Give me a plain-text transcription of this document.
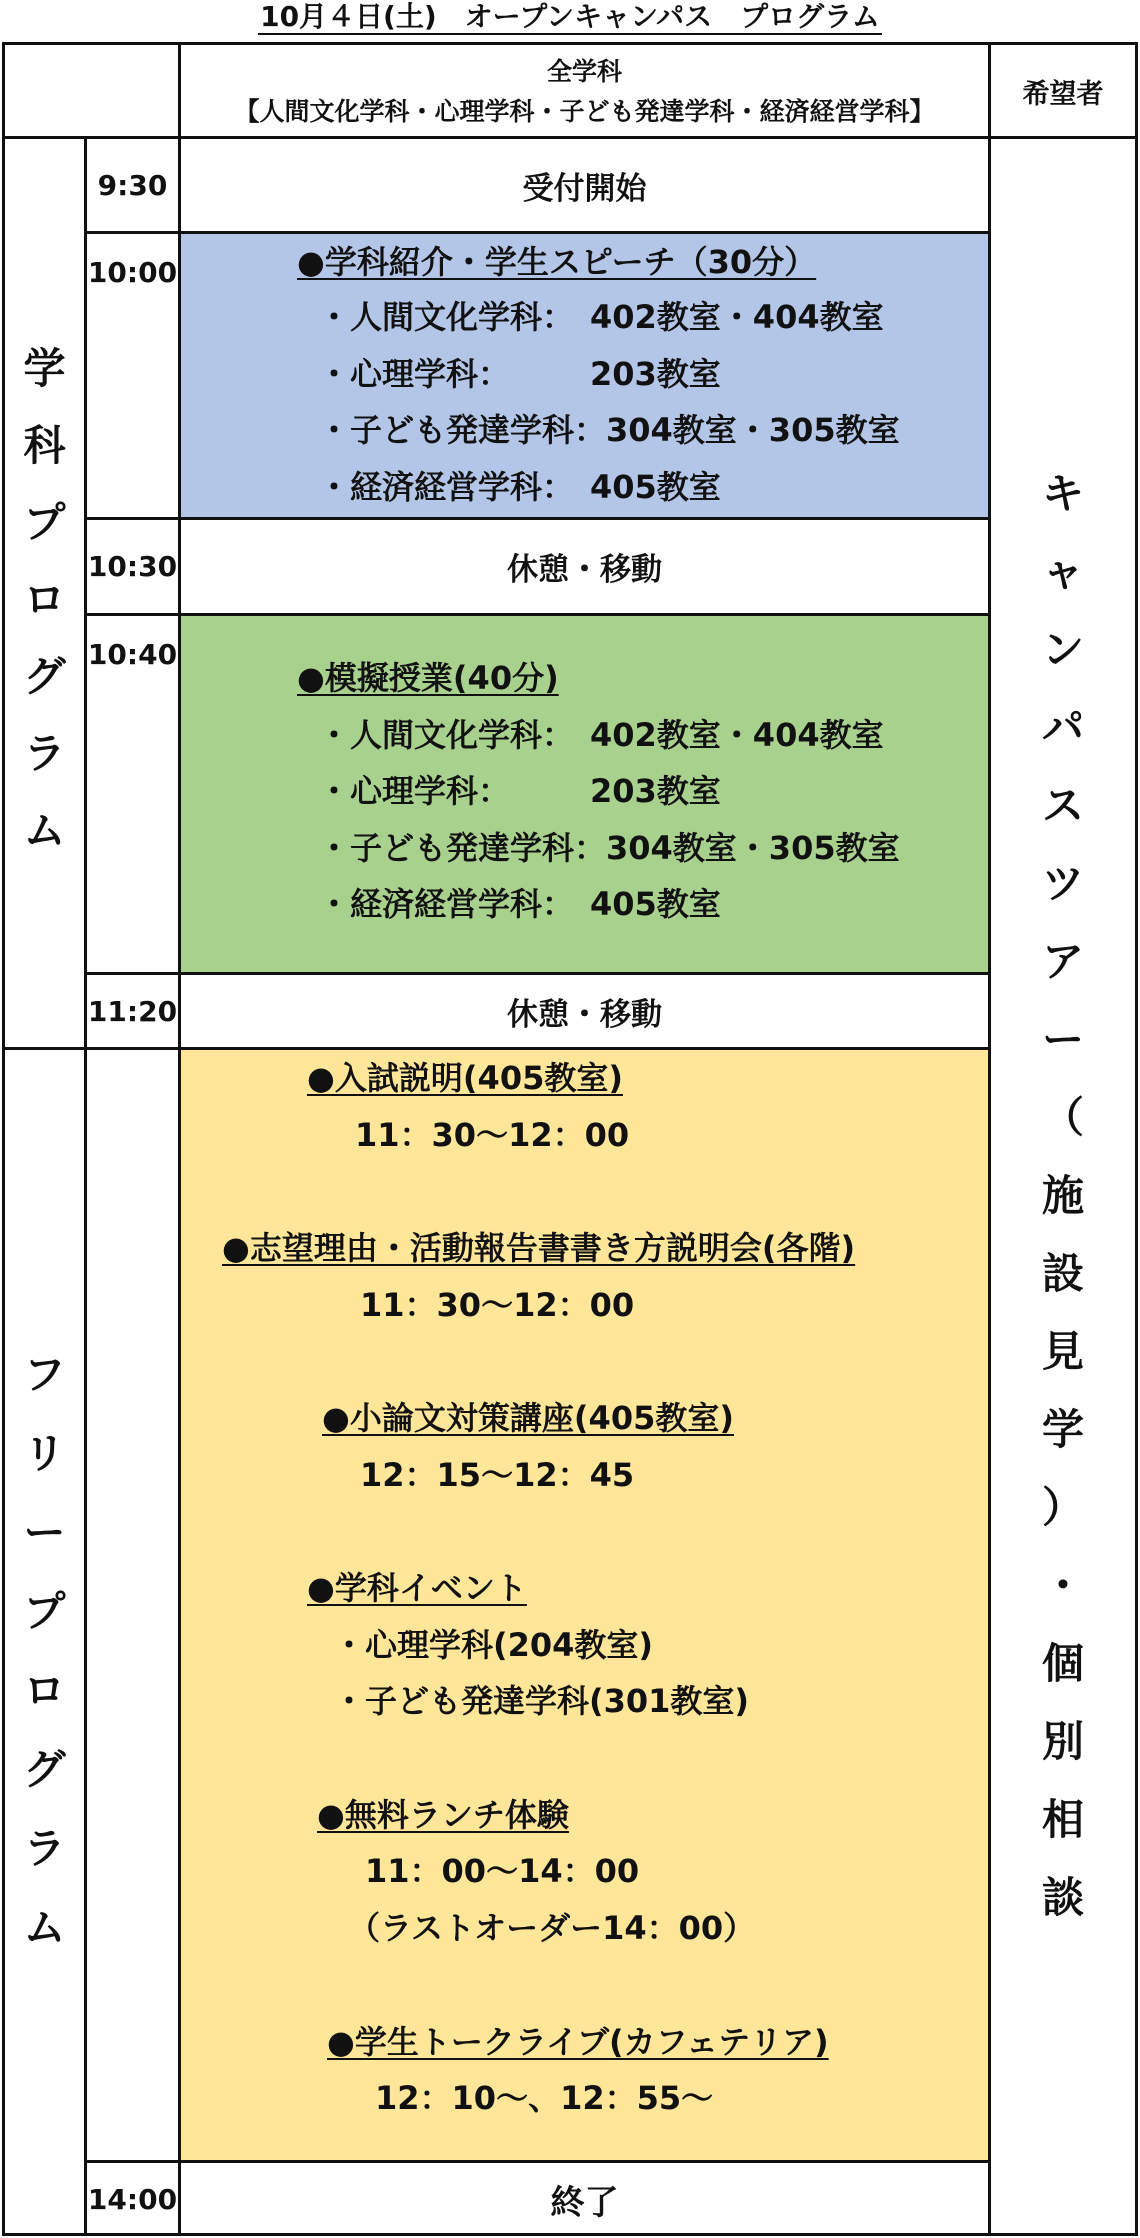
10月４日(土)　オープンキャンパス　プログラム
全学科
【人間文化学科・心理学科・子ども発達学科・経済経営学科】
希望者
9:30
10:00
10:30
10:40
11:20
14:00
受付開始
休憩・移動
休憩・移動
終了
●学科紹介・学生スピーチ（30分）
・人間文化学科：　402教室・404教室
・心理学科：　　　203教室
・子ども発達学科：304教室・305教室
・経済経営学科：　405教室
●模擬授業(40分)
・人間文化学科：　402教室・404教室
・心理学科：　　　203教室
・子ども発達学科：304教室・305教室
・経済経営学科：　405教室
●入試説明(405教室)
11：30～12：00
●志望理由・活動報告書書き方説明会(各階)
11：30～12：00
●小論文対策講座(405教室)
12：15～12：45
●学科イベント
・心理学科(204教室)
・子ども発達学科(301教室)
●無料ランチ体験
11：00～14：00
（ラストオーダー14：00）
●学生トークライブ(カフェテリア)
12：10～、12：55～
学
科
プ
ロ
グ
ラ
ム
フ
リ
ー
プ
ロ
グ
ラ
ム
キ
ャ
ン
パ
ス
ツ
ア
ー
（
施
設
見
学
）
・
個
別
相
談
